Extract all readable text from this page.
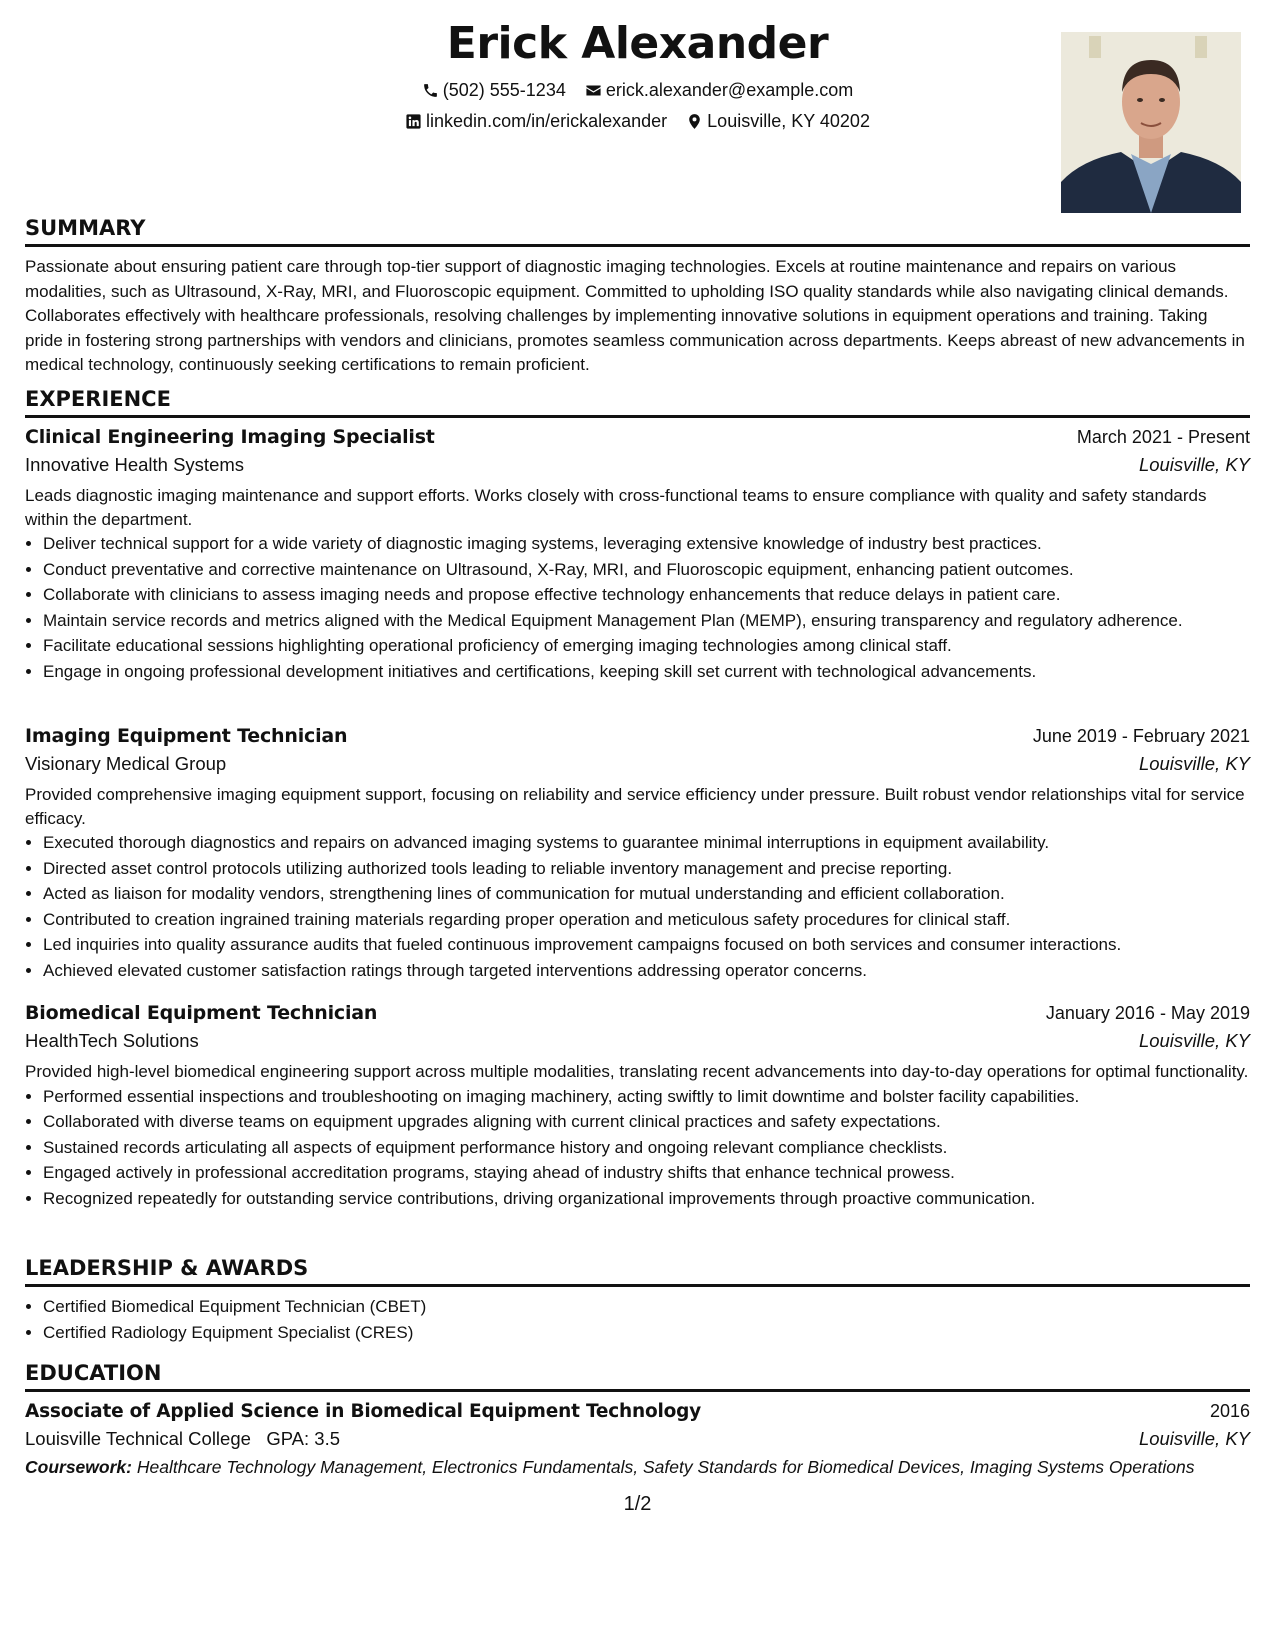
Erick Alexander
(502) 555-1234
erick.alexander@example.com
linkedin.com/in/erickalexander
Louisville, KY 40202
SUMMARY

Passionate about ensuring patient care through top-tier support of diagnostic imaging technologies. Excels at routine maintenance and repairs on various modalities, such as Ultrasound, X-Ray, MRI, and Fluoroscopic equipment. Committed to upholding ISO quality standards while also navigating clinical demands. Collaborates effectively with healthcare professionals, resolving challenges by implementing innovative solutions in equipment operations and training. Taking pride in fostering strong partnerships with vendors and clinicians, promotes seamless communication across departments. Keeps abreast of new advancements in medical technology, continuously seeking certifications to remain proficient.

EXPERIENCE
Clinical Engineering Imaging Specialist	March 2021 - Present
Innovative Health Systems	Louisville, KY

Leads diagnostic imaging maintenance and support efforts. Works closely with cross-functional teams to ensure compliance with quality and safety standards within the department.

• Deliver technical support for a wide variety of diagnostic imaging systems, leveraging extensive knowledge of industry best practices.
• Conduct preventative and corrective maintenance on Ultrasound, X-Ray, MRI, and Fluoroscopic equipment, enhancing patient outcomes.
• Collaborate with clinicians to assess imaging needs and propose effective technology enhancements that reduce delays in patient care.
• Maintain service records and metrics aligned with the Medical Equipment Management Plan (MEMP), ensuring transparency and regulatory adherence.
• Facilitate educational sessions highlighting operational proficiency of emerging imaging technologies among clinical staff.
• Engage in ongoing professional development initiatives and certifications, keeping skill set current with technological advancements.
Imaging Equipment Technician	June 2019 - February 2021
Visionary Medical Group	Louisville, KY

Provided comprehensive imaging equipment support, focusing on reliability and service efficiency under pressure. Built robust vendor relationships vital for service efficacy.

• Executed thorough diagnostics and repairs on advanced imaging systems to guarantee minimal interruptions in equipment availability.
• Directed asset control protocols utilizing authorized tools leading to reliable inventory management and precise reporting.
• Acted as liaison for modality vendors, strengthening lines of communication for mutual understanding and efficient collaboration.
• Contributed to creation ingrained training materials regarding proper operation and meticulous safety procedures for clinical staff.
• Led inquiries into quality assurance audits that fueled continuous improvement campaigns focused on both services and consumer interactions.
• Achieved elevated customer satisfaction ratings through targeted interventions addressing operator concerns.
Biomedical Equipment Technician	January 2016 - May 2019
HealthTech Solutions	Louisville, KY

Provided high-level biomedical engineering support across multiple modalities, translating recent advancements into day-to-day operations for optimal functionality.

• Performed essential inspections and troubleshooting on imaging machinery, acting swiftly to limit downtime and bolster facility capabilities.
• Collaborated with diverse teams on equipment upgrades aligning with current clinical practices and safety expectations.
• Sustained records articulating all aspects of equipment performance history and ongoing relevant compliance checklists.
• Engaged actively in professional accreditation programs, staying ahead of industry shifts that enhance technical prowess.
• Recognized repeatedly for outstanding service contributions, driving organizational improvements through proactive communication.
LEADERSHIP & AWARDS
• Certified Biomedical Equipment Technician (CBET)
• Certified Radiology Equipment Specialist (CRES)
EDUCATION
Associate of Applied Science in Biomedical Equipment Technology	2016
Louisville Technical College GPA: 3.5	Louisville, KY

Coursework: Healthcare Technology Management, Electronics Fundamentals, Safety Standards for Biomedical Devices, Imaging Systems Operations

1/2
